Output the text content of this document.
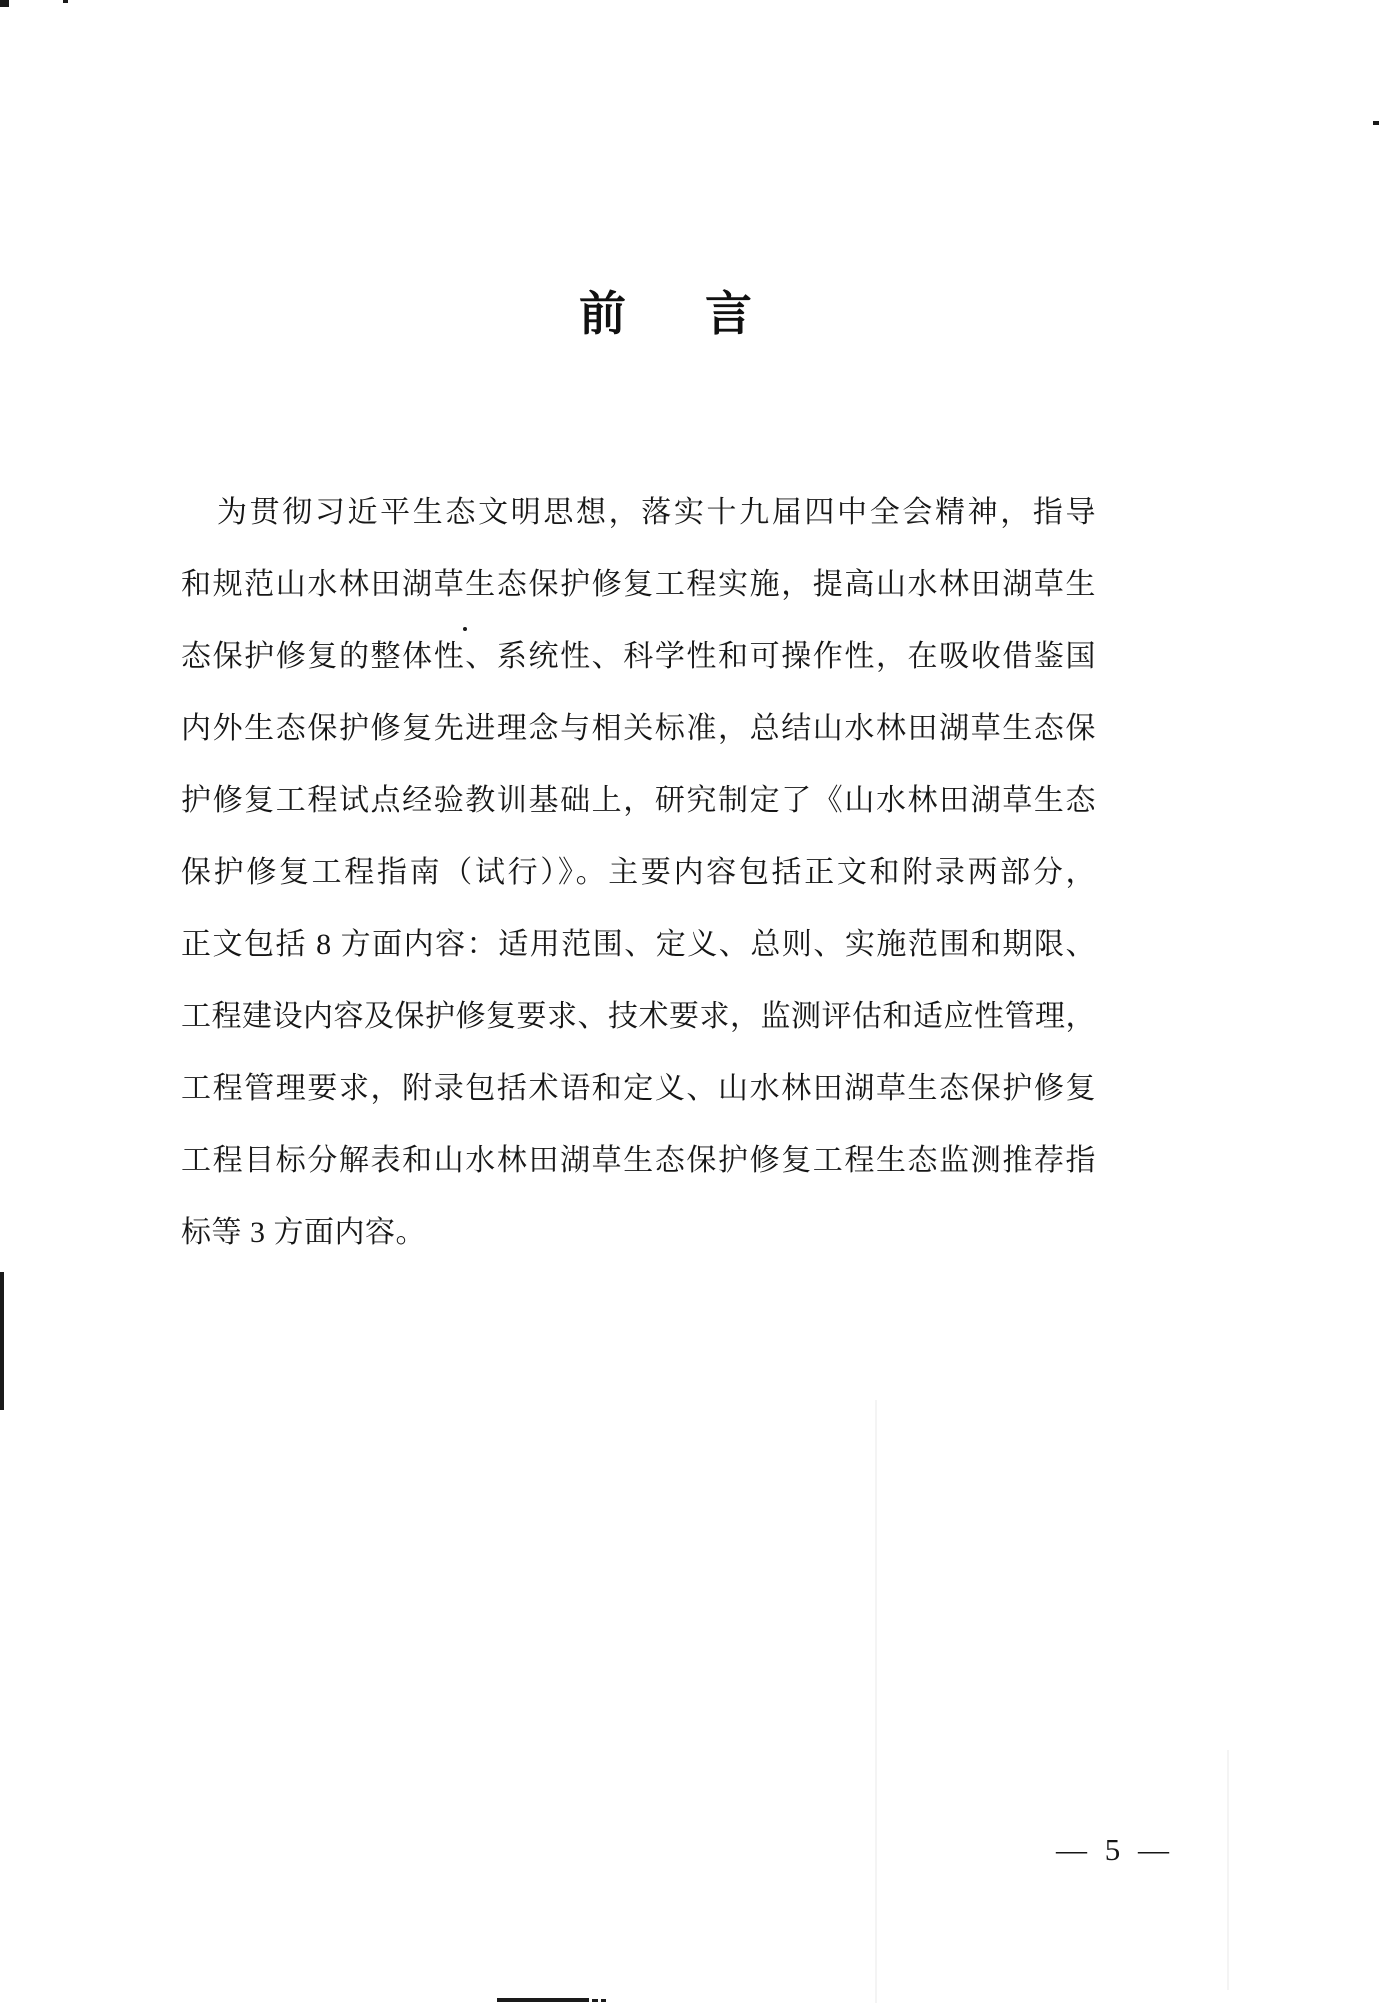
前 言
为贯彻习近平生态文明思想，落实十九届四中全会精神，指导
和规范山水林田湖草生态保护修复工程实施，提高山水林田湖草生
态保护修复的整体性、系统性、科学性和可操作性，在吸收借鉴国
内外生态保护修复先进理念与相关标准，总结山水林田湖草生态保
护修复工程试点经验教训基础上，研究制定了《山水林田湖草生态
保护修复工程指南（试行）》。主要内容包括正文和附录两部分，
正文包括 8 方面内容：适用范围、定义、总则、实施范围和期限、
工程建设内容及保护修复要求、技术要求，监测评估和适应性管理，
工程管理要求，附录包括术语和定义、山水林田湖草生态保护修复
工程目标分解表和山水林田湖草生态保护修复工程生态监测推荐指
标等 3 方面内容。
— 5 —
